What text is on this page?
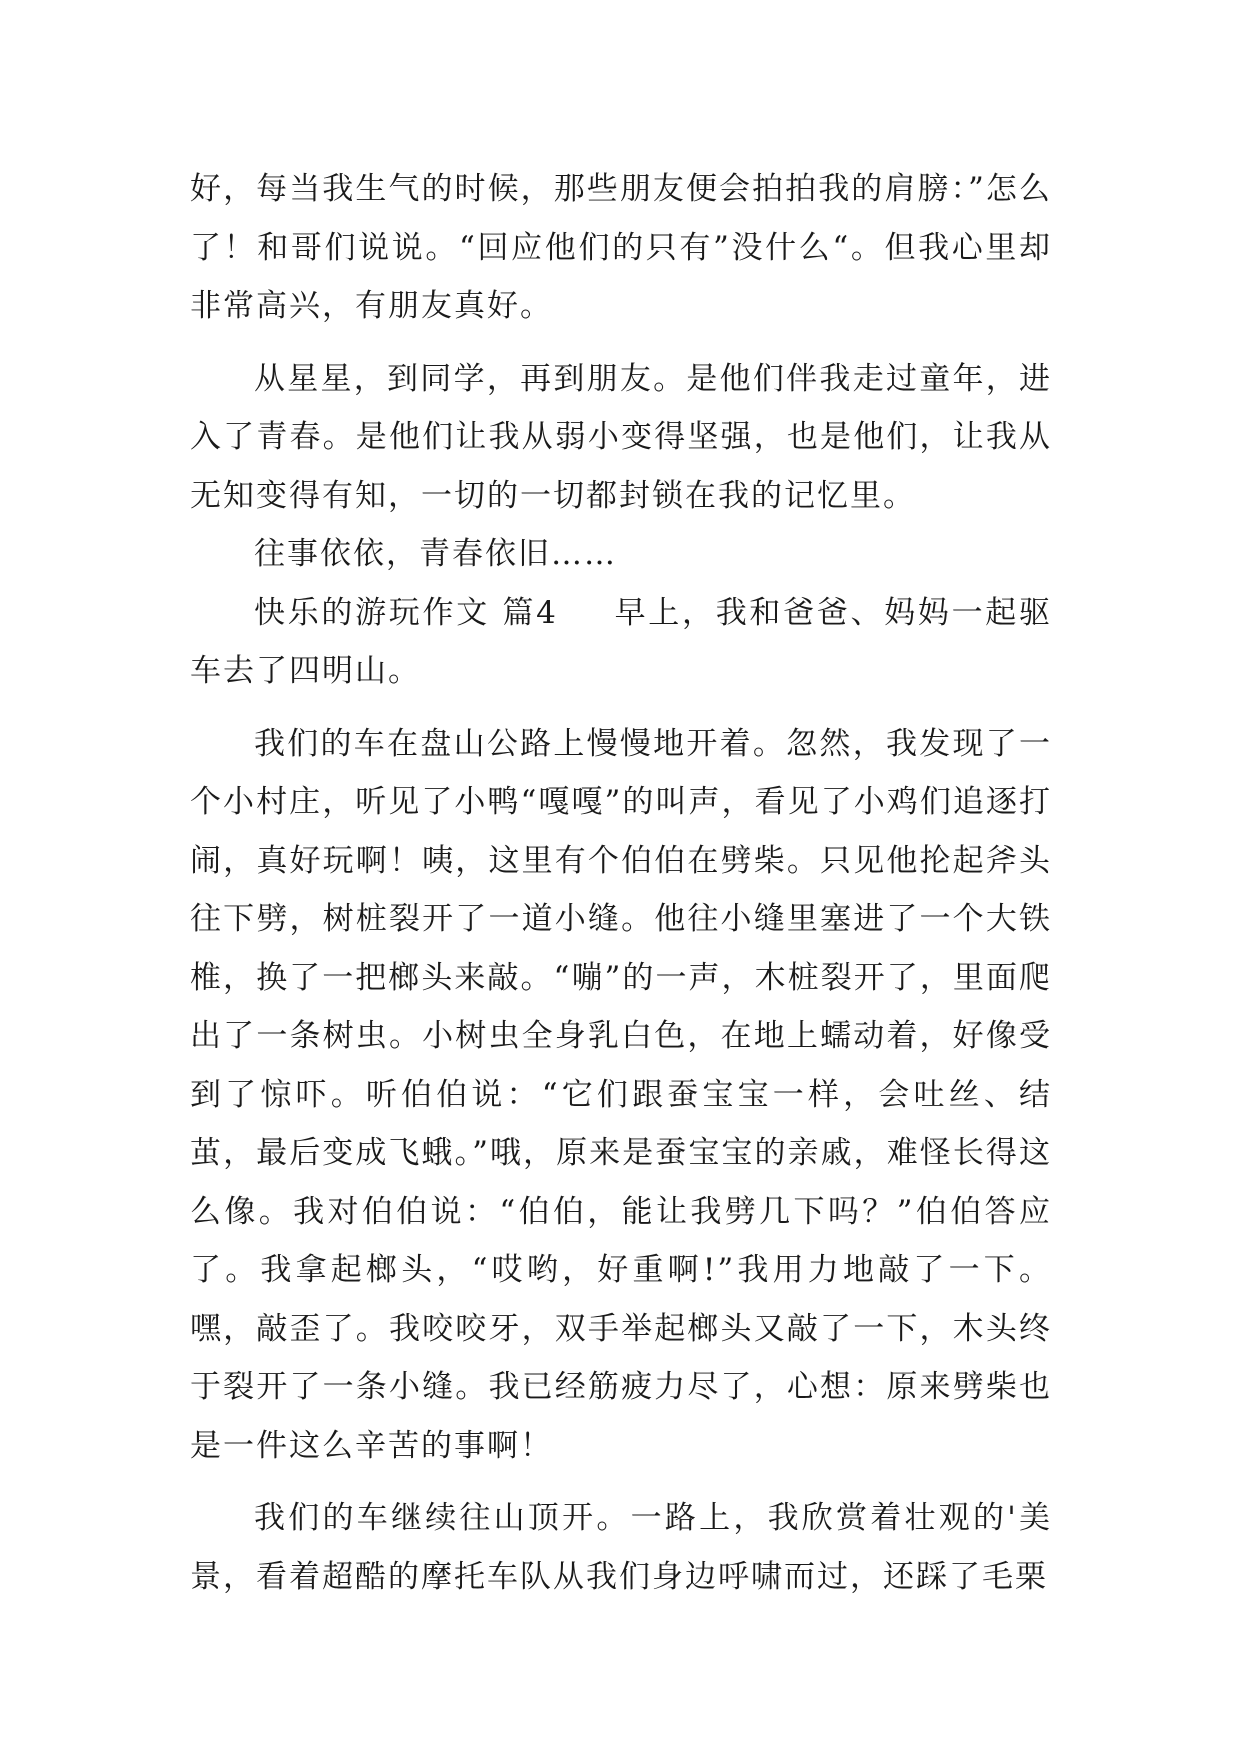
好，每当我生气的时候，那些朋友便会拍拍我的肩膀：”怎么了！和哥们说说。“回应他们的只有”没什么“。但我心里却非常高兴，有朋友真好。

从星星，到同学，再到朋友。是他们伴我走过童年，进入了青春。是他们让我从弱小变得坚强，也是他们，让我从无知变得有知，一切的一切都封锁在我的记忆里。

往事依依，青春依旧……

快乐的游玩作文 篇4 早上，我和爸爸、妈妈一起驱车去了四明山。

我们的车在盘山公路上慢慢地开着。忽然，我发现了一个小村庄，听见了小鸭“嘎嘎”的叫声，看见了小鸡们追逐打闹，真好玩啊！咦，这里有个伯伯在劈柴。只见他抡起斧头往下劈，树桩裂开了一道小缝。他往小缝里塞进了一个大铁椎，换了一把榔头来敲。“嘣”的一声，木桩裂开了，里面爬出了一条树虫。小树虫全身乳白色，在地上蠕动着，好像受到了惊吓。听伯伯说：“它们跟蚕宝宝一样，会吐丝、结茧，最后变成飞蛾。”哦，原来是蚕宝宝的亲戚，难怪长得这么像。我对伯伯说：“伯伯，能让我劈几下吗？”伯伯答应了。我拿起榔头，“哎哟，好重啊!”我用力地敲了一下。嘿，敲歪了。我咬咬牙，双手举起榔头又敲了一下，木头终于裂开了一条小缝。我已经筋疲力尽了，心想：原来劈柴也是一件这么辛苦的事啊！

我们的车继续往山顶开。一路上，我欣赏着壮观的'美景，看着超酷的摩托车队从我们身边呼啸而过，还踩了毛栗
